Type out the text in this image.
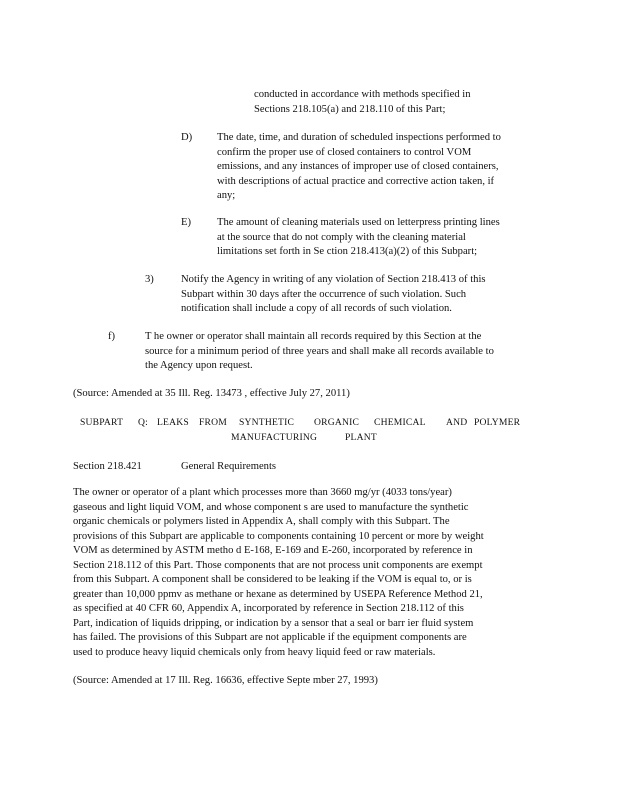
conducted in accordance with methods specified in
Sections 218.105(a) and 218.110 of this Part;
D) The date, time, and duration of scheduled inspections performed to
confirm the proper use of closed containers to control VOM
emissions, and any instances of improper use of closed containers,
with descriptions of actual practice and corrective action taken, if
any;
E) The amount of cleaning materials used on letterpress printing lines
at the source that do not comply with the cleaning material
limitations set forth in Se ction 218.413(a)(2) of this Subpart;
3)	Notify the Agency in writing of any violation of Section 218.413 of this
Subpart within 30 days after the occurrence of such violation. Such
notification shall include a copy of all records of such violation.
f)	T he owner or operator shall maintain all records required by this Section at the
source for a minimum period of three years and shall make all records available to
the Agency upon request.
(Source: Amended at 35 Ill. Reg. 13473 , effective July 27, 2011)
SUBPART Q: LEAKS FROM SYNTHETIC ORGANIC CHEMICAL AND POLYMER
MANUFACTURING	PLANT
Section 218.421	General Requirements
The owner or operator of a plant which processes more than 3660 mg/yr (4033 tons/year)
gaseous and light liquid VOM, and whose component s are used to manufacture the synthetic
organic chemicals or polymers listed in Appendix A, shall comply with this Subpart. The
provisions of this Subpart are applicable to components containing 10 percent or more by weight
VOM as determined by ASTM metho d E-168, E-169 and E-260, incorporated by reference in
Section 218.112 of this Part. Those components that are not process unit components are exempt
from this Subpart. A component shall be considered to be leaking if the VOM is equal to, or is
greater than 10,000 ppmv as methane or hexane as determined by USEPA Reference Method 21,
as specified at 40 CFR 60, Appendix A, incorporated by reference in Section 218.112 of this
Part, indication of liquids dripping, or indication by a sensor that a seal or barr ier fluid system
has failed. The provisions of this Subpart are not applicable if the equipment components are
used to produce heavy liquid chemicals only from heavy liquid feed or raw materials.
(Source: Amended at 17 Ill. Reg. 16636, effective Septe mber 27, 1993)
